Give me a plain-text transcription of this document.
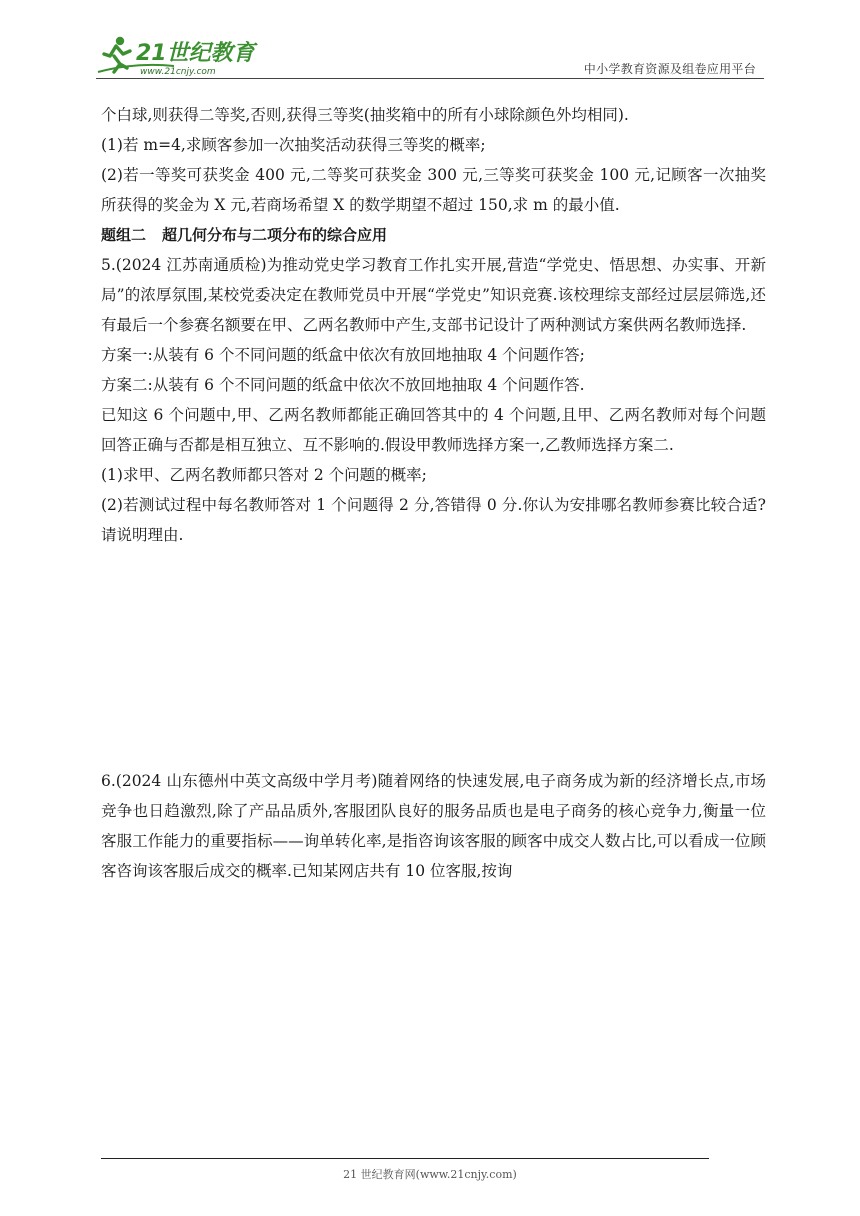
21世纪教育
www.21cnjy.com	中小学教育资源及组卷应用平台

个白球,则获得二等奖,否则,获得三等奖(抽奖箱中的所有小球除颜色外均相同).

(1)若 m=4,求顾客参加一次抽奖活动获得三等奖的概率;

(2)若一等奖可获奖金 400 元,二等奖可获奖金 300 元,三等奖可获奖金 100 元,记顾客一次抽奖所获得的奖金为 X 元,若商场希望 X 的数学期望不超过 150,求 m 的最小值.

题组二 超几何分布与二项分布的综合应用

5.(2024 江苏南通质检)为推动党史学习教育工作扎实开展,营造“学党史、悟思想、办实事、开新局”的浓厚氛围,某校党委决定在教师党员中开展“学党史”知识竞赛.该校理综支部经过层层筛选,还有最后一个参赛名额要在甲、乙两名教师中产生,支部书记设计了两种测试方案供两名教师选择.

方案一:从装有 6 个不同问题的纸盒中依次有放回地抽取 4 个问题作答;

方案二:从装有 6 个不同问题的纸盒中依次不放回地抽取 4 个问题作答.

已知这 6 个问题中,甲、乙两名教师都能正确回答其中的 4 个问题,且甲、乙两名教师对每个问题回答正确与否都是相互独立、互不影响的.假设甲教师选择方案一,乙教师选择方案二.

(1)求甲、乙两名教师都只答对 2 个问题的概率;

(2)若测试过程中每名教师答对 1 个问题得 2 分,答错得 0 分.你认为安排哪名教师参赛比较合适?请说明理由.

6.(2024 山东德州中英文高级中学月考)随着网络的快速发展,电子商务成为新的经济增长点,市场竞争也日趋激烈,除了产品品质外,客服团队良好的服务品质也是电子商务的核心竞争力,衡量一位客服工作能力的重要指标——询单转化率,是指咨询该客服的顾客中成交人数占比,可以看成一位顾客咨询该客服后成交的概率.已知某网店共有 10 位客服,按询

21 世纪教育网(www.21cnjy.com)
